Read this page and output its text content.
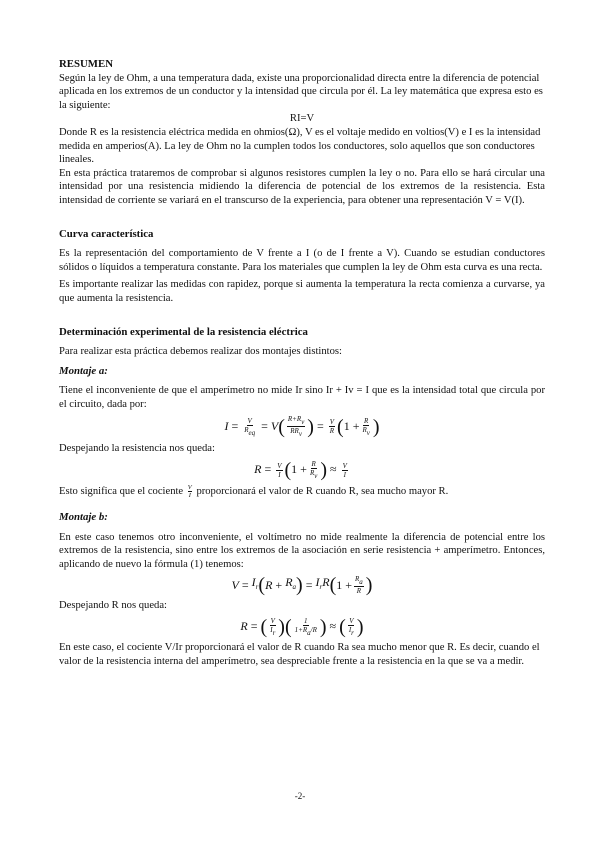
RESUMEN

Según la ley de Ohm, a una temperatura dada, existe una proporcionalidad directa entre la diferencia de potencial aplicada en los extremos de un conductor y la intensidad que circula por él. La ley matemática que expresa esto es la siguiente:

RI=V

Donde R es la resistencia eléctrica medida en ohmios(Ω), V es el voltaje medido en voltios(V) e I es la intensidad medida en amperios(A). La ley de Ohm no la cumplen todos los conductores, solo aquellos que son conductores lineales.

En esta práctica trataremos de comprobar si algunos resistores cumplen la ley o no. Para ello se hará circular una intensidad por una resistencia midiendo la diferencia de potencial de los extremos de la resistencia. Esta intensidad de corriente se variará en el transcurso de la experiencia, para obtener una representación V = V(I).

Curva característica

Es la representación del comportamiento de V frente a I (o de I frente a V). Cuando se estudian conductores sólidos o líquidos a temperatura constante. Para los materiales que cumplen la ley de Ohm esta curva es una recta.

Es importante realizar las medidas con rapidez, porque si aumenta la temperatura la recta comienza a curvarse, ya que aumenta la resistencia.

Determinación experimental de la resistencia eléctrica

Para realizar esta práctica debemos realizar dos montajes distintos:

Montaje a:

Tiene el inconveniente de que el amperímetro no mide Ir sino Ir + Iv = I que es la intensidad total que circula por el circuito, dada por:

$I = \frac{V}{\text{Req}} = V$ ( $\frac{R+Rv}{\text{RRv}}$ ) = $\frac{V}{R}$ ( $1 + \frac{R}{Rv}$ )

Despejando la resistencia nos queda:

$R = \frac{V}{I}$ ( $1 + \frac{R}{Rv}$ ) ≈ $\frac{V}{I}$

Esto significa que el cociente $\frac{V}{I}$ proporcionará el valor de R cuando R, sea mucho mayor R.

Montaje b:

En este caso tenemos otro inconveniente, el voltímetro no mide realmente la diferencia de potencial entre los extremos de la resistencia, sino entre los extremos de la asociación en serie resistencia + amperímetro. Entonces, aplicando de nuevo la fórmula (1) tenemos:

$V = I_r$ ( $R + R_a$ ) = $I_rR$ ( $1 + \frac{Ra}{R}$ )

Despejando R nos queda:

R = ( $\frac{V}{Ir}$ ) ( $\frac{1}{1+Ra/R}$ ) ≈ ( $\frac{V}{Ir}$ )

En este caso, el cociente V/Ir proporcionará el valor de R cuando Ra sea mucho menor que R. Es decir, cuando el valor de la resistencia interna del amperímetro, sea despreciable frente a la resistencia en la que se va a medir.

-2-
